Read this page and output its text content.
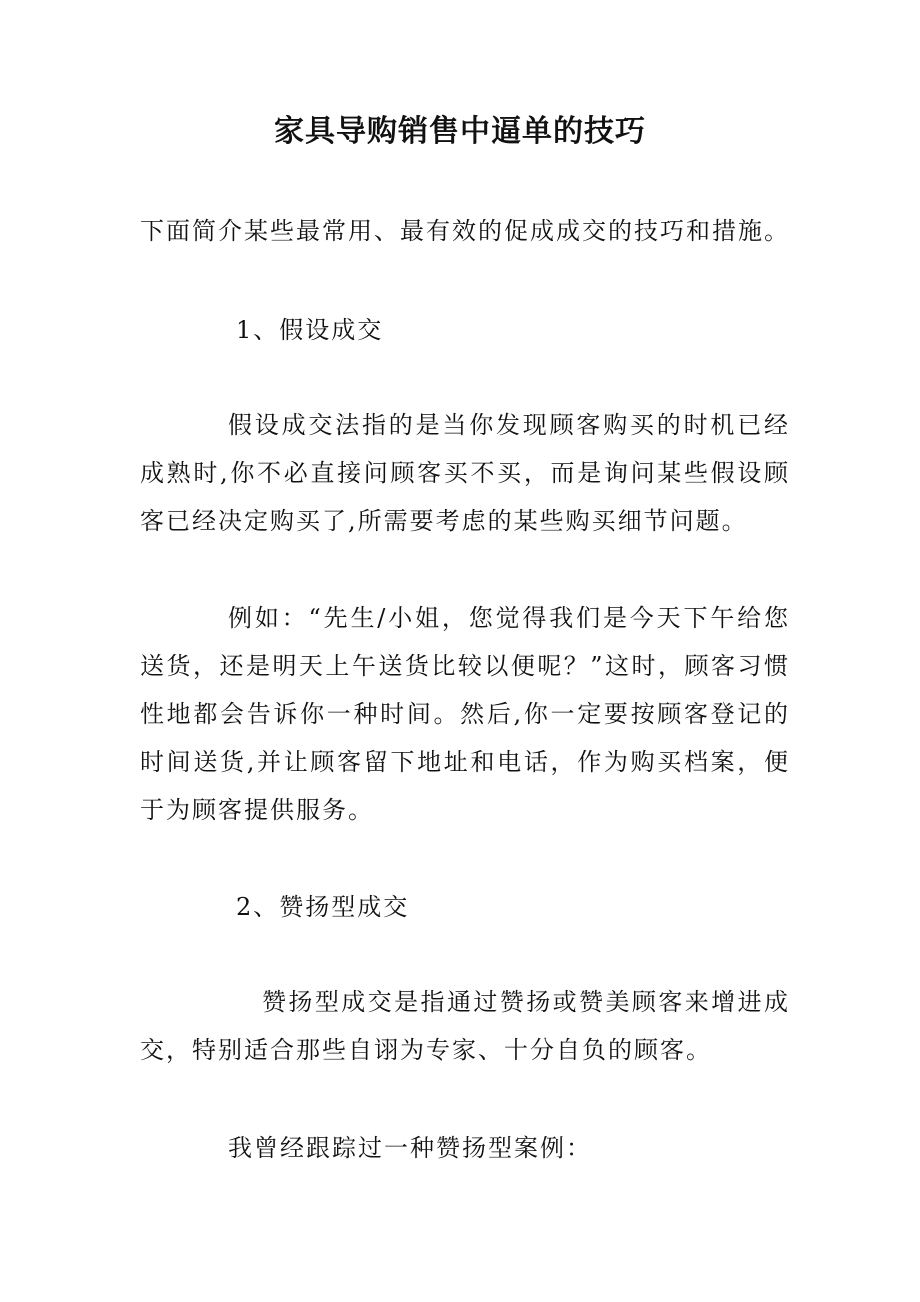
家具导购销售中逼单的技巧

下面简介某些最常用、最有效的促成成交的技巧和措施。

1、假设成交

假设成交法指的是当你发现顾客购买的时机已经成熟时,你不必直接问顾客买不买，而是询问某些假设顾客已经决定购买了,所需要考虑的某些购买细节问题。

例如：“先生/小姐，您觉得我们是今天下午给您送货，还是明天上午送货比较以便呢？”这时，顾客习惯性地都会告诉你一种时间。然后,你一定要按顾客登记的时间送货,并让顾客留下地址和电话，作为购买档案，便于为顾客提供服务。

2、赞扬型成交

赞扬型成交是指通过赞扬或赞美顾客来增进成交，特别适合那些自诩为专家、十分自负的顾客。

我曾经跟踪过一种赞扬型案例：
